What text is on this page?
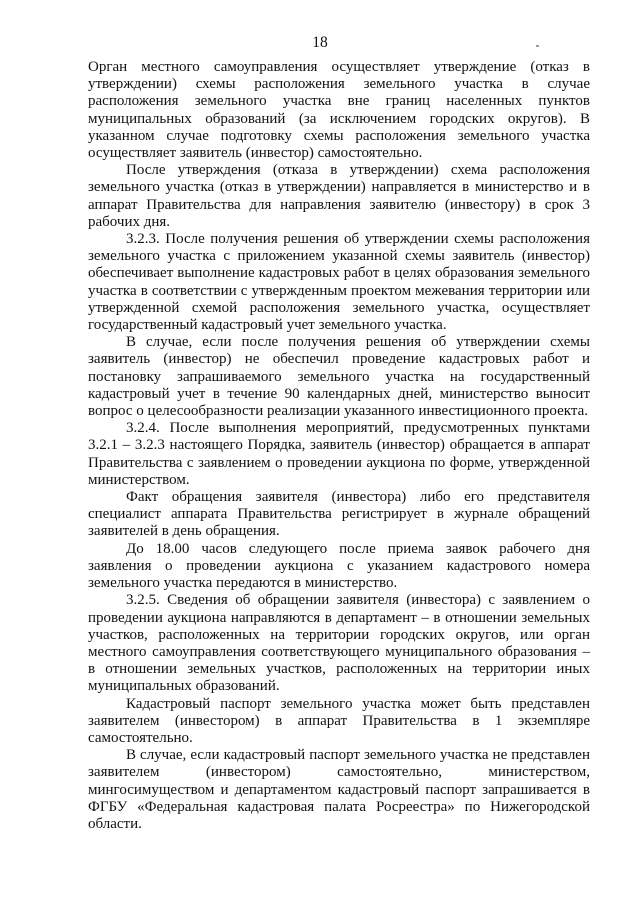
18

Орган местного самоуправления осуществляет утверждение (отказ в утверждении) схемы расположения земельного участка в случае расположения земельного участка вне границ населенных пунктов муниципальных образований (за исключением городских округов). В указанном случае подготовку схемы расположения земельного участка осуществляет заявитель (инвестор) самостоятельно.

После утверждения (отказа в утверждении) схема расположения земельного участка (отказ в утверждении) направляется в министерство и в аппарат Правительства для направления заявителю (инвестору) в срок 3 рабочих дня.

3.2.3. После получения решения об утверждении схемы расположения земельного участка с приложением указанной схемы заявитель (инвестор) обеспечивает выполнение кадастровых работ в целях образования земельного участка в соответствии с утвержденным проектом межевания территории или утвержденной схемой расположения земельного участка, осуществляет государственный кадастровый учет земельного участка.

В случае, если после получения решения об утверждении схемы заявитель (инвестор) не обеспечил проведение кадастровых работ и постановку запрашиваемого земельного участка на государственный кадастровый учет в течение 90 календарных дней, министерство выносит вопрос о целесообразности реализации указанного инвестиционного проекта.

3.2.4. После выполнения мероприятий, предусмотренных пунктами 3.2.1 – 3.2.3 настоящего Порядка, заявитель (инвестор) обращается в аппарат Правительства с заявлением о проведении аукциона по форме, утвержденной министерством.

Факт обращения заявителя (инвестора) либо его представителя специалист аппарата Правительства регистрирует в журнале обращений заявителей в день обращения.

До 18.00 часов следующего после приема заявок рабочего дня заявления о проведении аукциона с указанием кадастрового номера земельного участка передаются в министерство.

3.2.5. Сведения об обращении заявителя (инвестора) с заявлением о проведении аукциона направляются в департамент – в отношении земельных участков, расположенных на территории городских округов, или орган местного самоуправления соответствующего муниципального образования – в отношении земельных участков, расположенных на территории иных муниципальных образований.

Кадастровый паспорт земельного участка может быть представлен заявителем (инвестором) в аппарат Правительства в 1 экземпляре самостоятельно.

В случае, если кадастровый паспорт земельного участка не представлен заявителем (инвестором) самостоятельно, министерством, мингосимуществом и департаментом кадастровый паспорт запрашивается в ФГБУ «Федеральная кадастровая палата Росреестра» по Нижегородской области.
